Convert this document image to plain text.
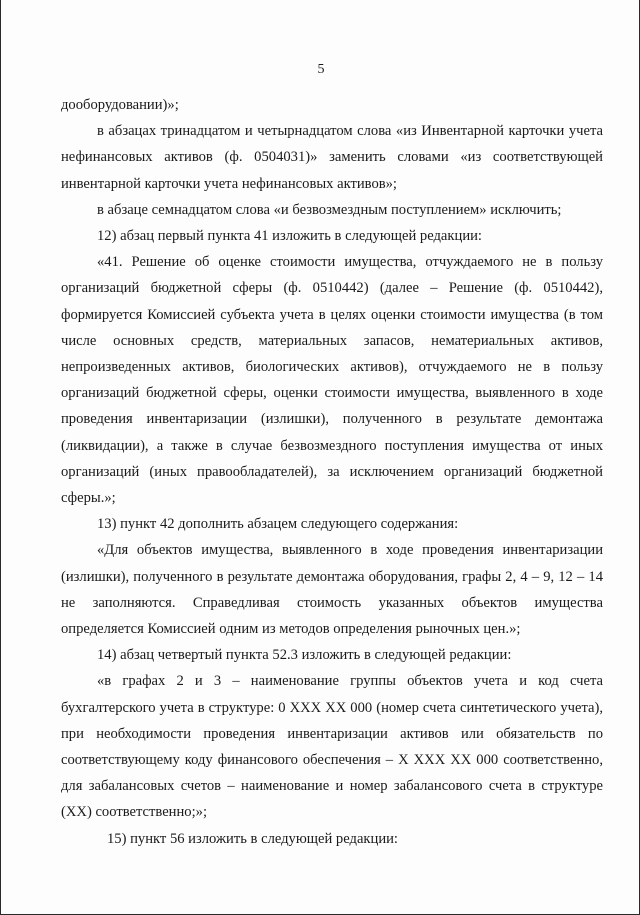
5

дооборудовании)»;

в абзацах тринадцатом и четырнадцатом слова «из Инвентарной карточки учета нефинансовых активов (ф. 0504031)» заменить словами «из соответствующей инвентарной карточки учета нефинансовых активов»;

в абзаце семнадцатом слова «и безвозмездным поступлением» исключить;

12) абзац первый пункта 41 изложить в следующей редакции:

«41. Решение об оценке стоимости имущества, отчуждаемого не в пользу организаций бюджетной сферы (ф. 0510442) (далее – Решение (ф. 0510442), формируется Комиссией субъекта учета в целях оценки стоимости имущества (в том числе основных средств, материальных запасов, нематериальных активов, непроизведенных активов, биологических активов), отчуждаемого не в пользу организаций бюджетной сферы, оценки стоимости имущества, выявленного в ходе проведения инвентаризации (излишки), полученного в результате демонтажа (ликвидации), а также в случае безвозмездного поступления имущества от иных организаций (иных правообладателей), за исключением организаций бюджетной сферы.»;

13) пункт 42 дополнить абзацем следующего содержания:

«Для объектов имущества, выявленного в ходе проведения инвентаризации (излишки), полученного в результате демонтажа оборудования, графы 2, 4 – 9, 12 – 14 не заполняются. Справедливая стоимость указанных объектов имущества определяется Комиссией одним из методов определения рыночных цен.»;

14) абзац четвертый пункта 52.3 изложить в следующей редакции:

«в графах 2 и 3 – наименование группы объектов учета и код счета бухгалтерского учета в структуре: 0 XXX XX 000 (номер счета синтетического учета), при необходимости проведения инвентаризации активов или обязательств по соответствующему коду финансового обеспечения – X XXX XX 000 соответственно, для забалансовых счетов – наименование и номер забалансового счета в структуре (XX) соответственно;»;

15) пункт 56 изложить в следующей редакции:
